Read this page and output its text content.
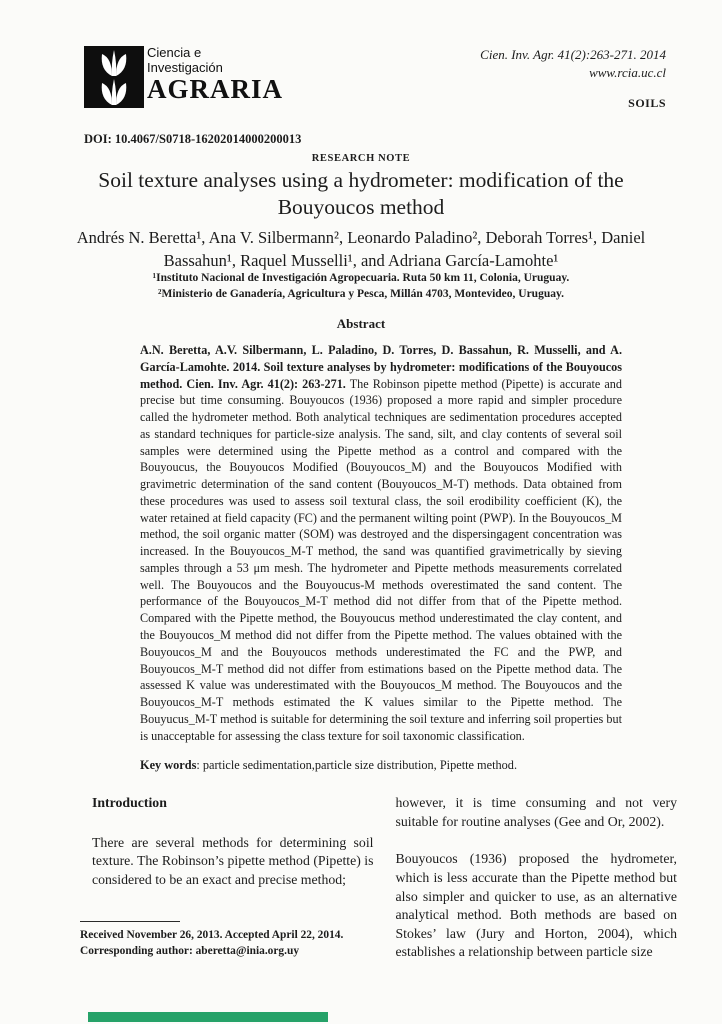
Ciencia e
Investigación
AGRARIA
Cien. Inv. Agr. 41(2):263-271. 2014
www.rcia.uc.cl
SOILS
DOI: 10.4067/S0718-16202014000200013
RESEARCH NOTE
Soil texture analyses using a hydrometer: modification of the Bouyoucos method
Andrés N. Beretta¹, Ana V. Silbermann², Leonardo Paladino², Deborah Torres¹, Daniel Bassahun¹, Raquel Musselli¹, and Adriana García-Lamohte¹
¹Instituto Nacional de Investigación Agropecuaria. Ruta 50 km 11, Colonia, Uruguay.
²Ministerio de Ganadería, Agricultura y Pesca, Millán 4703, Montevideo, Uruguay.
Abstract

A.N. Beretta, A.V. Silbermann, L. Paladino, D. Torres, D. Bassahun, R. Musselli, and A. García-Lamohte. 2014. Soil texture analyses by hydrometer: modifications of the Bouyoucos method. Cien. Inv. Agr. 41(2): 263-271. The Robinson pipette method (Pipette) is accurate and precise but time consuming. Bouyoucos (1936) proposed a more rapid and simpler procedure called the hydrometer method. Both analytical techniques are sedimentation procedures accepted as standard techniques for particle-size analysis. The sand, silt, and clay contents of several soil samples were determined using the Pipette method as a control and compared with the Bouyoucus, the Bouyoucos Modified (Bouyoucos_M) and the Bouyoucos Modified with gravimetric determination of the sand content (Bouyoucos_M-T) methods. Data obtained from these procedures was used to assess soil textural class, the soil erodibility coefficient (K), the water retained at field capacity (FC) and the permanent wilting point (PWP). In the Bouyoucos_M method, the soil organic matter (SOM) was destroyed and the dispersingagent concentration was increased. In the Bouyoucos_M-T method, the sand was quantified gravimetrically by sieving samples through a 53 μm mesh. The hydrometer and Pipette methods measurements correlated well. The Bouyoucos and the Bouyoucus-M methods overestimated the sand content. The performance of the Bouyoucos_M-T method did not differ from that of the Pipette method. Compared with the Pipette method, the Bouyoucus method underestimated the clay content, and the Bouyoucos_M method did not differ from the Pipette method. The values obtained with the Bouyoucos_M and the Bouyoucos methods underestimated the FC and the PWP, and Bouyoucos_M-T method did not differ from estimations based on the Pipette method data. The assessed K value was underestimated with the Bouyoucos_M method. The Bouyoucos and the Bouyoucos_M-T methods estimated the K values similar to the Pipette method. The Bouyucus_M-T method is suitable for determining the soil texture and inferring soil properties but is unacceptable for assessing the class texture for soil taxonomic classification.

Key words: particle sedimentation,particle size distribution, Pipette method.

Introduction

There are several methods for determining soil texture. The Robinson’s pipette method (Pipette) is considered to be an exact and precise method;

however, it is time consuming and not very suitable for routine analyses (Gee and Or, 2002).

Bouyoucos (1936) proposed the hydrometer, which is less accurate than the Pipette method but also simpler and quicker to use, as an alternative analytical method. Both methods are based on Stokes’ law (Jury and Horton, 2004), which establishes a relationship between particle size

Received November 26, 2013. Accepted April 22, 2014.
Corresponding author: aberetta@inia.org.uy
